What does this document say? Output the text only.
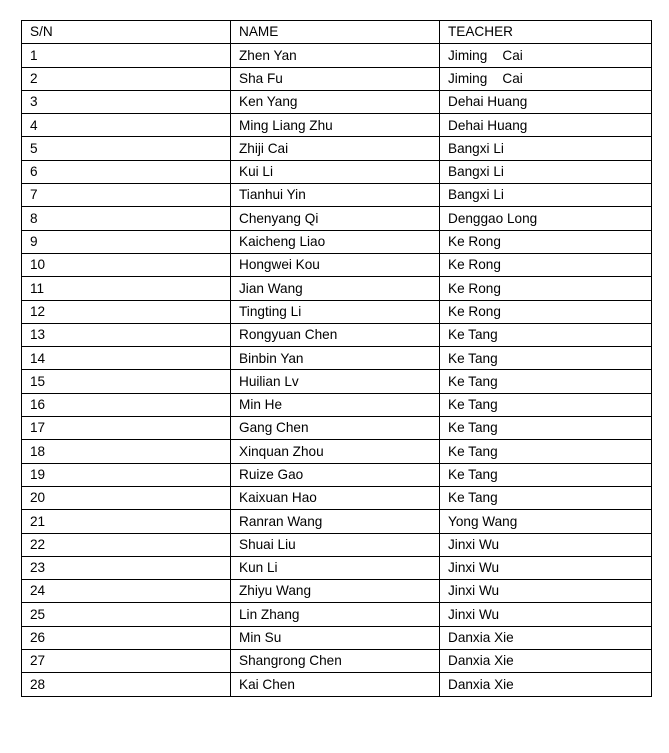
S/N	NAME	TEACHER
1	Zhen Yan	Jiming    Cai
2	Sha Fu	Jiming    Cai
3	Ken Yang	Dehai Huang
4	Ming Liang Zhu	Dehai Huang
5	Zhiji Cai	Bangxi Li
6	Kui Li	Bangxi Li
7	Tianhui Yin	Bangxi Li
8	Chenyang Qi	Denggao Long
9	Kaicheng Liao	Ke Rong
10	Hongwei Kou	Ke Rong
11	Jian Wang	Ke Rong
12	Tingting Li	Ke Rong
13	Rongyuan Chen	Ke Tang
14	Binbin Yan	Ke Tang
15	Huilian Lv	Ke Tang
16	Min He	Ke Tang
17	Gang Chen	Ke Tang
18	Xinquan Zhou	Ke Tang
19	Ruize Gao	Ke Tang
20	Kaixuan Hao	Ke Tang
21	Ranran Wang	Yong Wang
22	Shuai Liu	Jinxi Wu
23	Kun Li	Jinxi Wu
24	Zhiyu Wang	Jinxi Wu
25	Lin Zhang	Jinxi Wu
26	Min Su	Danxia Xie
27	Shangrong Chen	Danxia Xie
28	Kai Chen	Danxia Xie
